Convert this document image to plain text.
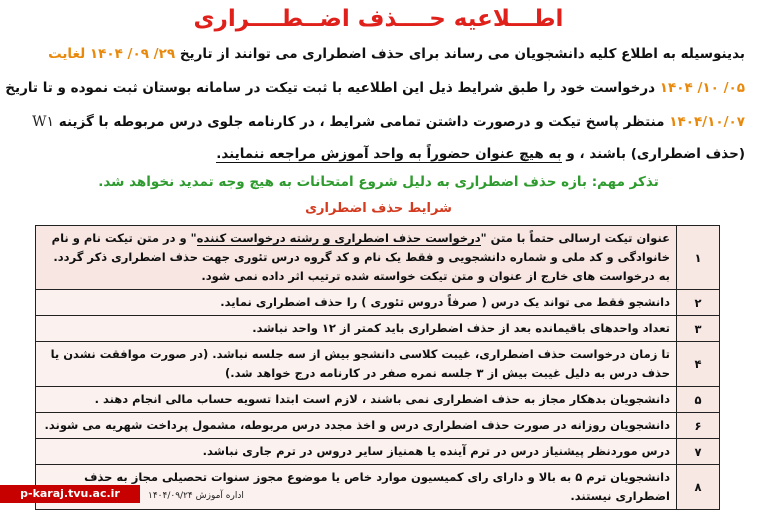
اطـــلاعیه حــــذف اضــطــــراری
بدینوسیله به اطلاع کلیه دانشجویان می رساند برای حذف اضطراری می توانند از تاریخ ۲۹/ ۰۹/ ۱۴۰۴ لغایت
۰۵/ ۱۰/ ۱۴۰۴ درخواست خود را طبق شرایط ذیل این اطلاعیه با ثبت تیکت در سامانه بوستان ثبت نموده و تا تاریخ
۱۴۰۴/۱۰/۰۷ منتظر پاسخ تیکت و درصورت داشتن تمامی شرایط ، در کارنامه جلوی درس مربوطه با گزینه W۱
(حذف اضطراری) باشند ، و به هیچ عنوان حضوراً به واحد آموزش مراجعه ننمایند.
تذکر مهم: بازه حذف اضطراری به دلیل شروع امتحانات به هیچ وجه تمدید نخواهد شد.
شرایط حذف اضطراری
۱	عنوان تیکت ارسالی حتماً با متن "درخواست حذف اضطراری و رشته درخواست کننده" و در متن تیکت نام و نام خانوادگی و کد ملی و شماره دانشجویی و فقط یک نام و کد گروه درس تئوری جهت حذف اضطراری ذکر گردد. به درخواست های خارج از عنوان و متن تیکت خواسته شده ترتیب اثر داده نمی شود.
۲	دانشجو فقط می تواند یک درس ( صرفاً دروس تئوری ) را حذف اضطراری نماید.
۳	تعداد واحدهای باقیمانده بعد از حذف اضطراری باید کمتر از ۱۲ واحد نباشد.
۴	تا زمان درخواست حذف اضطراری، غیبت کلاسی دانشجو بیش از سه جلسه نباشد. (در صورت موافقت نشدن یا حذف درس به دلیل غیبت بیش از ۳ جلسه نمره صفر در کارنامه درج خواهد شد.)
۵	دانشجویان بدهکار مجاز به حذف اضطراری نمی باشند ، لازم است ابتدا تسویه حساب مالی انجام دهند .
۶	دانشجویان روزانه در صورت حذف اضطراری درس و اخذ مجدد درس مربوطه، مشمول پرداخت شهریه می شوند.
۷	درس موردنظر پیشنیاز درس در ترم آینده یا همنیاز سایر دروس در ترم جاری نباشد.
۸	دانشجویان ترم ۵ به بالا و دارای رای کمیسیون موارد خاص یا موضوع مجوز سنوات تحصیلی مجاز به حذف اضطراری نیستند.
p-karaj.tvu.ac.ir	اداره آموزش ۱۴۰۴/۰۹/۲۴
